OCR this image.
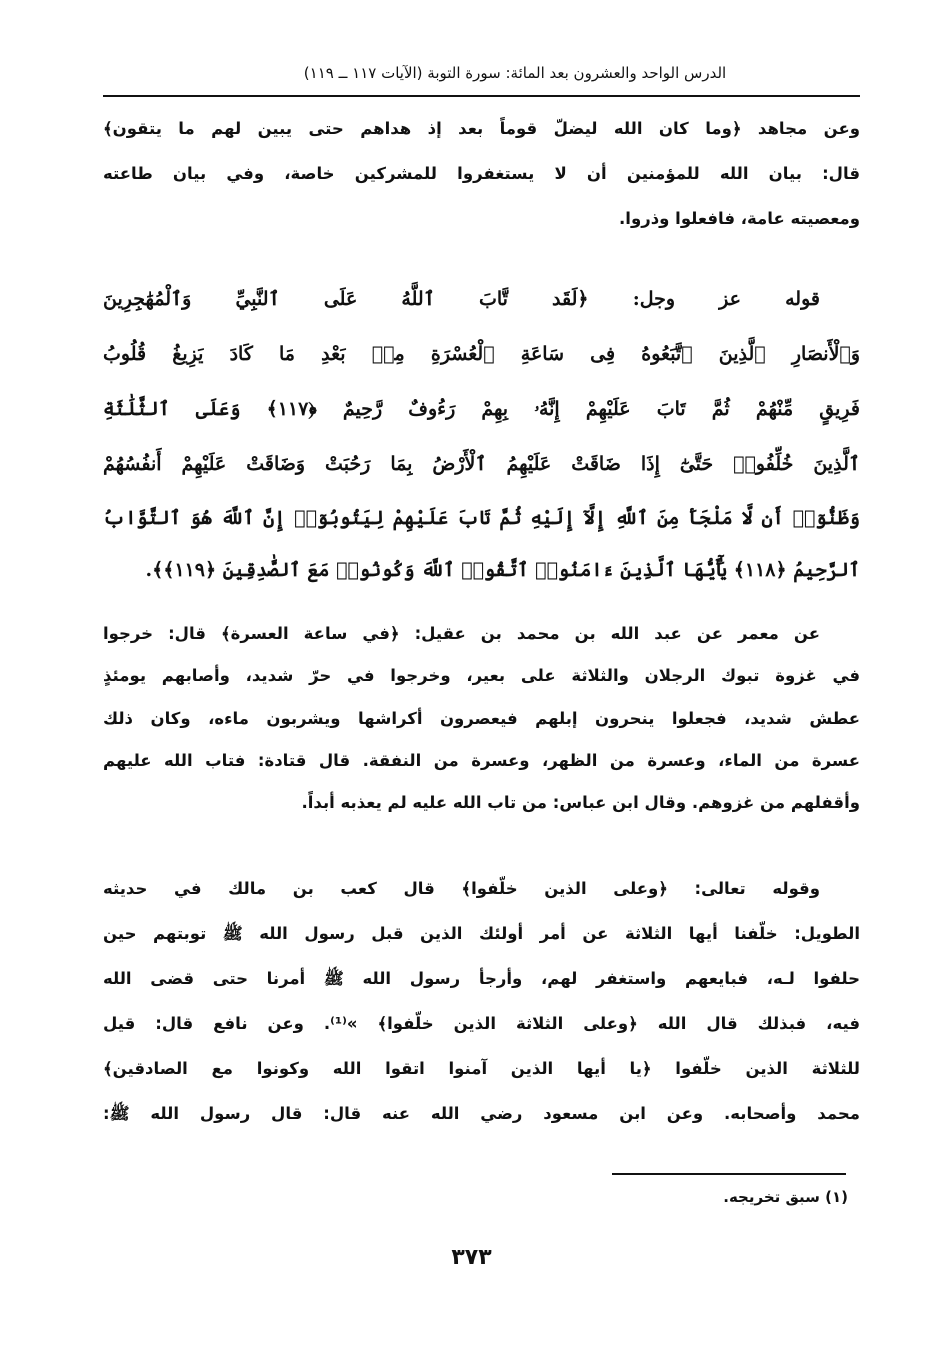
الدرس الواحد والعشرون بعد المائة: سورة التوبة (الآيات ١١٧ ــ ١١٩)
وعن مجاهد ﴿وما كان الله ليضلّ قوماً بعد إذ هداهم حتى يبين لهم ما يتقون﴾
قال: بيان الله للمؤمنين أن لا يستغفروا للمشركين خاصة، وفي بيان طاعته
ومعصيته عامة، فافعلوا وذروا.
قوله عز وجل: ﴿لَقَد تَّابَ ٱللَّهُ عَلَى ٱلنَّبِيِّ وَٱلْمُهَٰجِرِينَ
وَٱلْأَنصَارِ ٱلَّذِينَ ٱتَّبَعُوهُ فِى سَاعَةِ ٱلْعُسْرَةِ مِنۢ بَعْدِ مَا كَادَ يَزِيغُ قُلُوبُ
فَرِيقٍ مِّنْهُمْ ثُمَّ تَابَ عَلَيْهِمْ إِنَّهُۥ بِهِمْ رَءُوفٌ رَّحِيمٌ ﴿١١٧﴾ وَعَلَى ٱلثَّلَٰثَةِ
ٱلَّذِينَ خُلِّفُوا۟ حَتَّىٰٓ إِذَا ضَاقَتْ عَلَيْهِمُ ٱلْأَرْضُ بِمَا رَحُبَتْ وَضَاقَتْ عَلَيْهِمْ أَنفُسُهُمْ
وَظَنُّوٓا۟ أَن لَّا مَلْجَأَ مِنَ ٱللَّهِ إِلَّآ إِلَيْهِ ثُمَّ تَابَ عَلَيْهِمْ لِيَتُوبُوٓا۟ إِنَّ ٱللَّهَ هُوَ ٱلتَّوَّابُ
ٱلرَّحِيمُ ﴿١١٨﴾ يَٰٓأَيُّهَا ٱلَّذِينَ ءَامَنُوا۟ ٱتَّقُوا۟ ٱللَّهَ وَكُونُوا۟ مَعَ ٱلصَّٰدِقِينَ ﴿١١٩﴾﴾.
عن معمر عن عبد الله بن محمد بن عقيل: ﴿في ساعة العسرة﴾ قال: خرجوا
في غزوة تبوك الرجلان والثلاثة على بعير، وخرجوا في حرّ شديد، وأصابهم يومئذٍ
عطش شديد، فجعلوا ينحرون إبلهم فيعصرون أكراشها ويشربون ماءه، وكان ذلك
عسرة من الماء، وعسرة من الظهر، وعسرة من النفقة. قال قتادة: فتاب الله عليهم
وأقفلهم من غزوهم. وقال ابن عباس: من تاب الله عليه لم يعذبه أبداً.
وقوله تعالى: ﴿وعلى الذين خلّفوا﴾ قال كعب بن مالك في حديثه
الطويل: خلّفنا أيها الثلاثة عن أمر أولئك الذين قبل رسول الله ﷺ توبتهم حين
حلفوا لـه، فبايعهم واستغفر لهم، وأرجأ رسول الله ﷺ أمرنا حتى قضى الله
فيه، فبذلك قال الله ﴿وعلى الثلاثة الذين خلّفوا﴾ »⁽¹⁾. وعن نافع قال: قيل
للثلاثة الذين خلّفوا ﴿يا أيها الذين آمنوا اتقوا الله وكونوا مع الصادقين﴾
محمد وأصحابه. وعن ابن مسعود رضي الله عنه قال: قال رسول الله ﷺ:
(١) سبق تخريجه.
٣٧٣
